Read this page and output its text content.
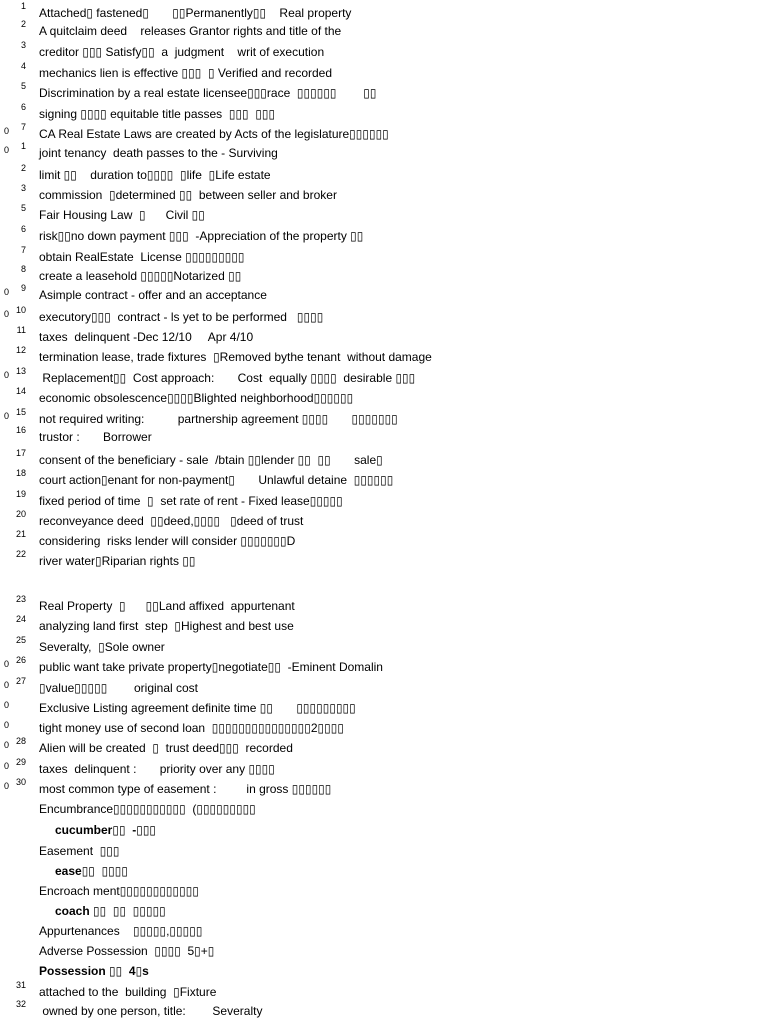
1 Attached▯ fastened▯       ▯▯Permanently▯▯    Real property
2 A quitclaim deed    releases Grantor rights and title of the
3 creditor ▯▯▯ Satisfy▯▯  a  judgment    writ of execution
4 mechanics lien is effective ▯▯▯  ▯ Verified and recorded
5 Discrimination by a real estate licensee▯▯▯race  ▯▯▯▯▯▯        ▯▯
6 signing ▯▯▯▯ equitable title passes  ▯▯▯  ▯▯▯
0	7 CA Real Estate Laws are created by Acts of the legislature▯▯▯▯▯▯
0	1 joint tenancy  death passes to the - Surviving
2 limit ▯▯    duration to▯▯▯▯  ▯life  ▯Life estate
3 commission  ▯determined ▯▯  between seller and broker
5 Fair Housing Law  ▯      Civil ▯▯
6 risk▯▯no down payment ▯▯▯  -Appreciation of the property ▯▯
7 obtain RealEstate  License ▯▯▯▯▯▯▯▯▯
8 create a leasehold ▯▯▯▯▯Notarized ▯▯
0	9 Asimple contract - offer and an acceptance
0 10 executory▯▯▯  contract - ls yet to be performed   ▯▯▯▯
11 taxes  delinquent -Dec 12/10     Apr 4/10
12 termination lease, trade fixtures  ▯Removed bythe tenant  without damage
0 13 Replacement▯▯  Cost approach:       Cost  equally ▯▯▯▯  desirable ▯▯▯
14 economic obsolescence▯▯▯▯Blighted neighborhood▯▯▯▯▯▯
0 15 not required writing:          partnership agreement ▯▯▯▯       ▯▯▯▯▯▯▯
16 trustor :       Borrower
17 consent of the beneficiary - sale  /btain ▯▯lender ▯▯  ▯▯       sale▯
18 court action▯enant for non-payment▯       Unlawful detaine  ▯▯▯▯▯▯
19 fixed period of time  ▯  set rate of rent - Fixed lease▯▯▯▯▯
20 reconveyance deed  ▯▯deed,▯▯▯▯   ▯deed of trust
21 considering  risks lender will consider ▯▯▯▯▯▯▯D
22 river water▯Riparian rights ▯▯
23 Real Property  ▯      ▯▯Land affixed  appurtenant
24 analyzing land first  step  ▯Highest and best use
25 Severalty,  ▯Sole owner
0 26 public want take private property▯negotiate▯▯  -Eminent Domalin
0 27 ▯value▯▯▯▯▯        original cost
0 Exclusive Listing agreement definite time ▯▯       ▯▯▯▯▯▯▯▯▯
0 tight money use of second loan  ▯▯▯▯▯▯▯▯▯▯▯▯▯▯▯2▯▯▯▯
0 28 Alien will be created  ▯  trust deed▯▯▯  recorded
0 29 taxes  delinquent :       priority over any ▯▯▯▯
0 30 most common type of easement :         in gross ▯▯▯▯▯▯
Encumbrance▯▯▯▯▯▯▯▯▯▯▯  (▯▯▯▯▯▯▯▯▯
cucumber▯▯  -▯▯▯
Easement  ▯▯▯
ease▯▯  ▯▯▯▯
Encroach ment▯▯▯▯▯▯▯▯▯▯▯▯
coach ▯▯  ▯▯  ▯▯▯▯▯
Appurtenances    ▯▯▯▯▯,▯▯▯▯▯
Adverse Possession  ▯▯▯▯  5▯+▯
Possession ▯▯  4▯s
31 attached to the  building  ▯Fixture
32 owned by one person, title:        Severalty
